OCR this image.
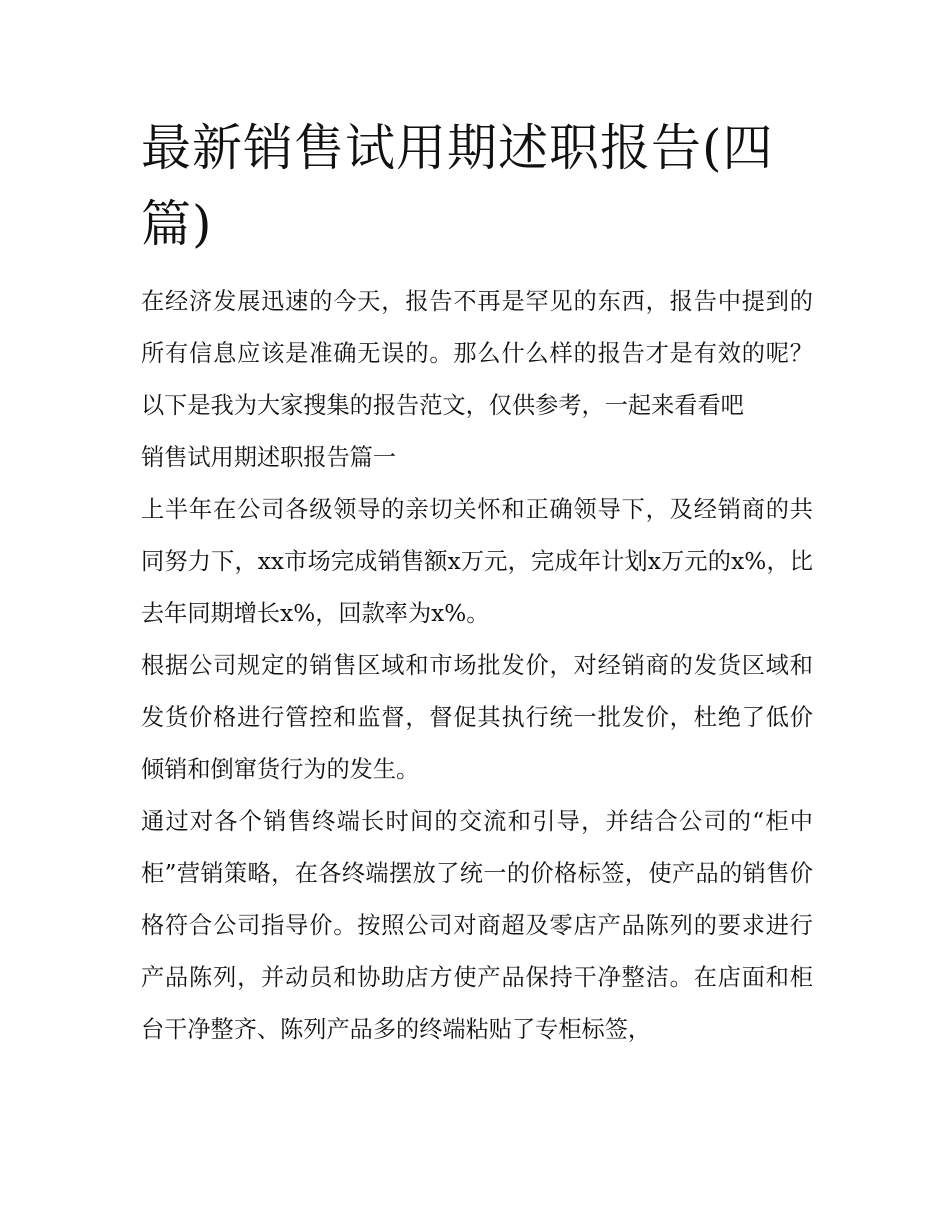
最新销售试用期述职报告(四篇)

在经济发展迅速的今天，报告不再是罕见的东西，报告中提到的所有信息应该是准确无误的。那么什么样的报告才是有效的呢？以下是我为大家搜集的报告范文，仅供参考，一起来看看吧

销售试用期述职报告篇一

上半年在公司各级领导的亲切关怀和正确领导下，及经销商的共同努力下，xx市场完成销售额x万元，完成年计划x万元的x%，比去年同期增长x%，回款率为x%。

根据公司规定的销售区域和市场批发价，对经销商的发货区域和发货价格进行管控和监督，督促其执行统一批发价，杜绝了低价倾销和倒窜货行为的发生。

通过对各个销售终端长时间的交流和引导，并结合公司的“柜中柜”营销策略，在各终端摆放了统一的价格标签，使产品的销售价格符合公司指导价。按照公司对商超及零店产品陈列的要求进行产品陈列，并动员和协助店方使产品保持干净整洁。在店面和柜台干净整齐、陈列产品多的终端粘贴了专柜标签，
